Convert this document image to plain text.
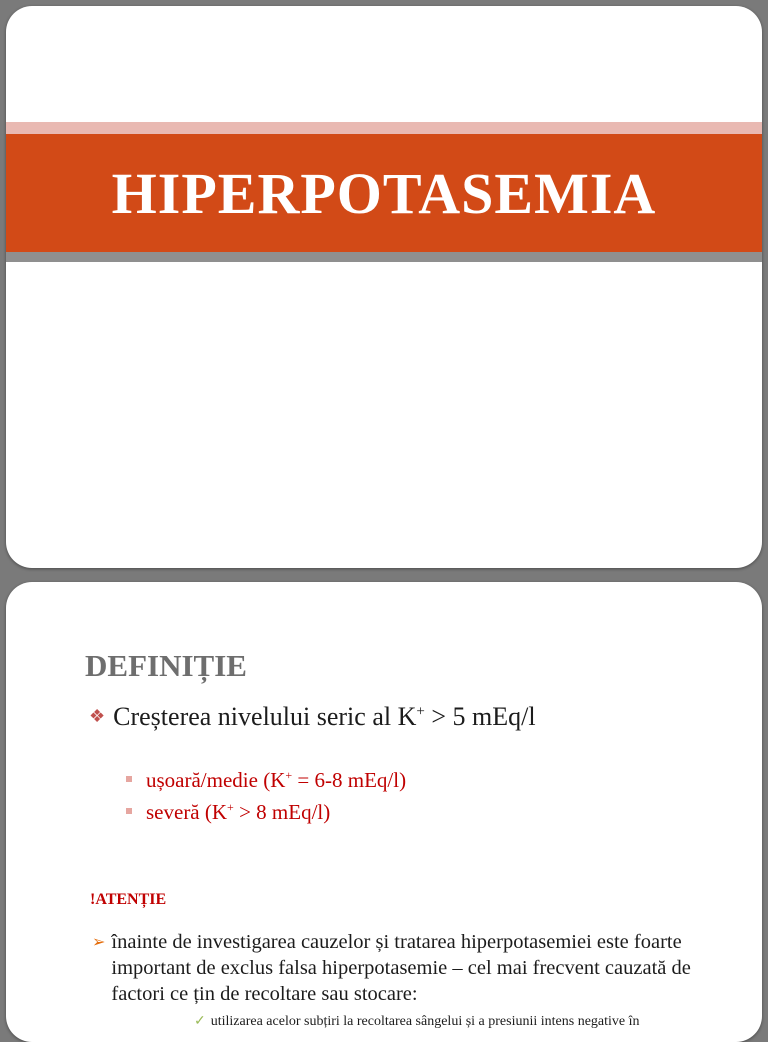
HIPERPOTASEMIA
DEFINIȚIE
❖ Creșterea nivelului seric al K+ > 5 mEq/l
ușoară/medie (K+ = 6-8 mEq/l)
severă (K+ > 8 mEq/l)
!ATENȚIE
➢ înainte de investigarea cauzelor și tratarea hiperpotasemiei este foarte important de exclus falsa hiperpotasemie – cel mai frecvent cauzată de factori ce țin de recoltare sau stocare:
✓ utilizarea acelor subțiri la recoltarea sângelui și a presiunii intens negative în
